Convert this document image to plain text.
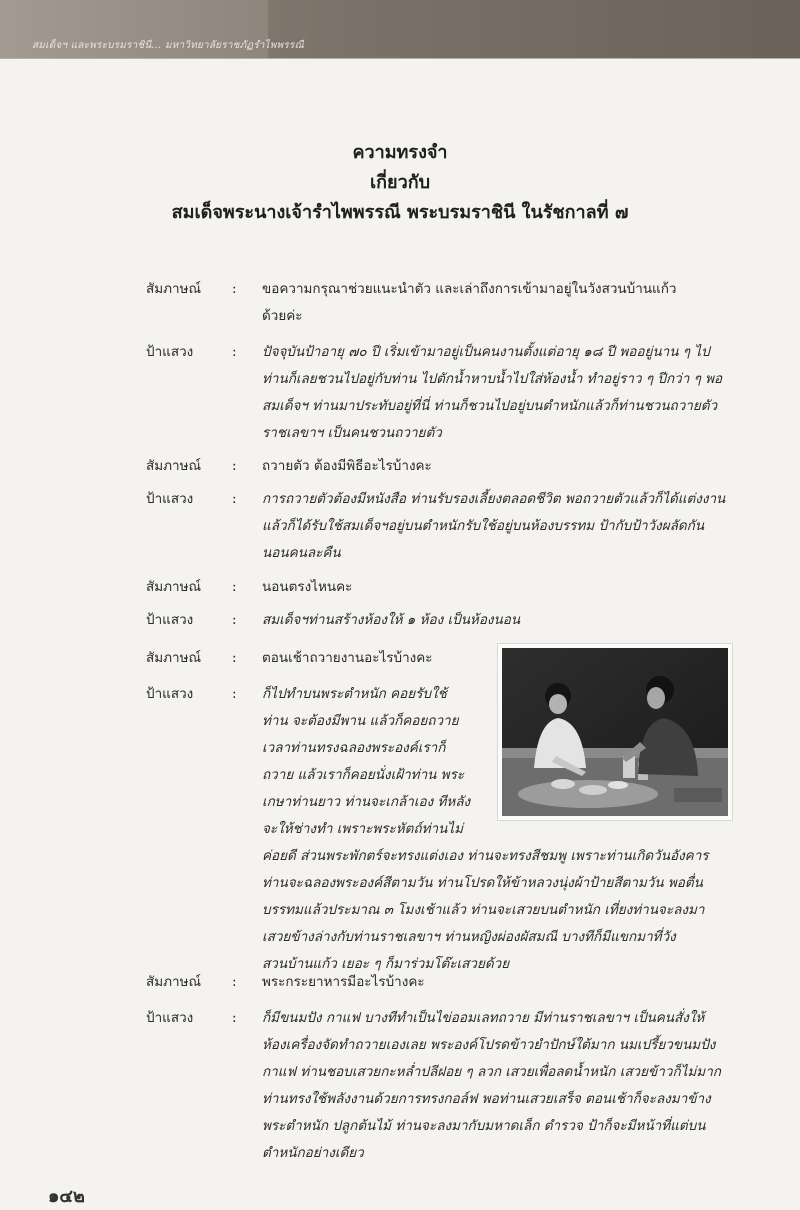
สมเด็จฯ และพระบรมราชินี... มหาวิทยาลัยราชภัฏรำไพพรรณี
ความทรงจำ
เกี่ยวกับ
สมเด็จพระนางเจ้ารำไพพรรณี พระบรมราชินี ในรัชกาลที่ ๗
สัมภาษณ์ : ขอความกรุณาช่วยแนะนำตัว และเล่าถึงการเข้ามาอยู่ในวังสวนบ้านแก้ว
ด้วยค่ะ
ป้าแสวง	: ปัจจุบันป้าอายุ ๗๐ ปี เริ่มเข้ามาอยู่เป็นคนงานตั้งแต่อายุ ๑๘ ปี พออยู่นาน ๆ ไป
ท่านก็เลยชวนไปอยู่กับท่าน ไปตักน้ำหาบน้ำไปใส่ห้องน้ำ ทำอยู่ราว ๆ ปีกว่า ๆ พอ
สมเด็จฯ ท่านมาประทับอยู่ที่นี่ ท่านก็ชวนไปอยู่บนตำหนักแล้วก็ท่านชวนถวายตัว
ราชเลขาฯ เป็นคนชวนถวายตัว
สัมภาษณ์ : ถวายตัว ต้องมีพิธีอะไรบ้างคะ
ป้าแสวง	: การถวายตัวต้องมีหนังสือ ท่านรับรองเลี้ยงตลอดชีวิต พอถวายตัวแล้วก็ได้แต่งงาน
แล้วก็ได้รับใช้สมเด็จฯอยู่บนตำหนักรับใช้อยู่บนห้องบรรทม ป้ากับป้าวังผลัดกัน
นอนคนละคืน
สัมภาษณ์ : นอนตรงไหนคะ
ป้าแสวง	: สมเด็จฯท่านสร้างห้องให้ ๑ ห้อง เป็นห้องนอน
สัมภาษณ์ : ตอนเช้าถวายงานอะไรบ้างคะ
ป้าแสวง	: ก็ไปทำบนพระตำหนัก คอยรับใช้
ท่าน จะต้องมีพาน แล้วก็คอยถวาย
เวลาท่านทรงฉลองพระองค์เราก็
ถวาย แล้วเราก็คอยนั่งเฝ้าท่าน พระ
เกษาท่านยาว ท่านจะเกล้าเอง ทีหลัง
จะให้ช่างทำ เพราะพระหัตถ์ท่านไม่
ค่อยดี ส่วนพระพักตร์จะทรงแต่งเอง ท่านจะทรงสีชมพู เพราะท่านเกิดวันอังคาร
ท่านจะฉลองพระองค์สีตามวัน ท่านโปรดให้ข้าหลวงนุ่งผ้าป้ายสีตามวัน พอตื่น
บรรทมแล้วประมาณ ๓ โมงเช้าแล้ว ท่านจะเสวยบนตำหนัก เที่ยงท่านจะลงมา
เสวยข้างล่างกับท่านราชเลขาฯ ท่านหญิงผ่องผัสมณี บางทีก็มีแขกมาที่วัง
สวนบ้านแก้ว เยอะ ๆ ก็มาร่วมโต๊ะเสวยด้วย
สัมภาษณ์ : พระกระยาหารมีอะไรบ้างคะ
ป้าแสวง	: ก็มีขนมปัง กาแฟ บางทีทำเป็นไข่ออมเลทถวาย มีท่านราชเลขาฯ เป็นคนสั่งให้
ห้องเครื่องจัดทำถวายเองเลย พระองค์โปรดข้าวยำปักษ์ใต้มาก นมเปรี้ยวขนมปัง
กาแฟ ท่านชอบเสวยกะหล่ำปลีฝอย ๆ ลวก เสวยเพื่อลดน้ำหนัก เสวยข้าวก็ไม่มาก
ท่านทรงใช้พลังงานด้วยการทรงกอล์ฟ พอท่านเสวยเสร็จ ตอนเช้าก็จะลงมาข้าง
พระตำหนัก ปลูกต้นไม้ ท่านจะลงมากับมหาดเล็ก ตำรวจ ป้าก็จะมีหน้าที่แต่บน
ตำหนักอย่างเดียว
๑๔๒
